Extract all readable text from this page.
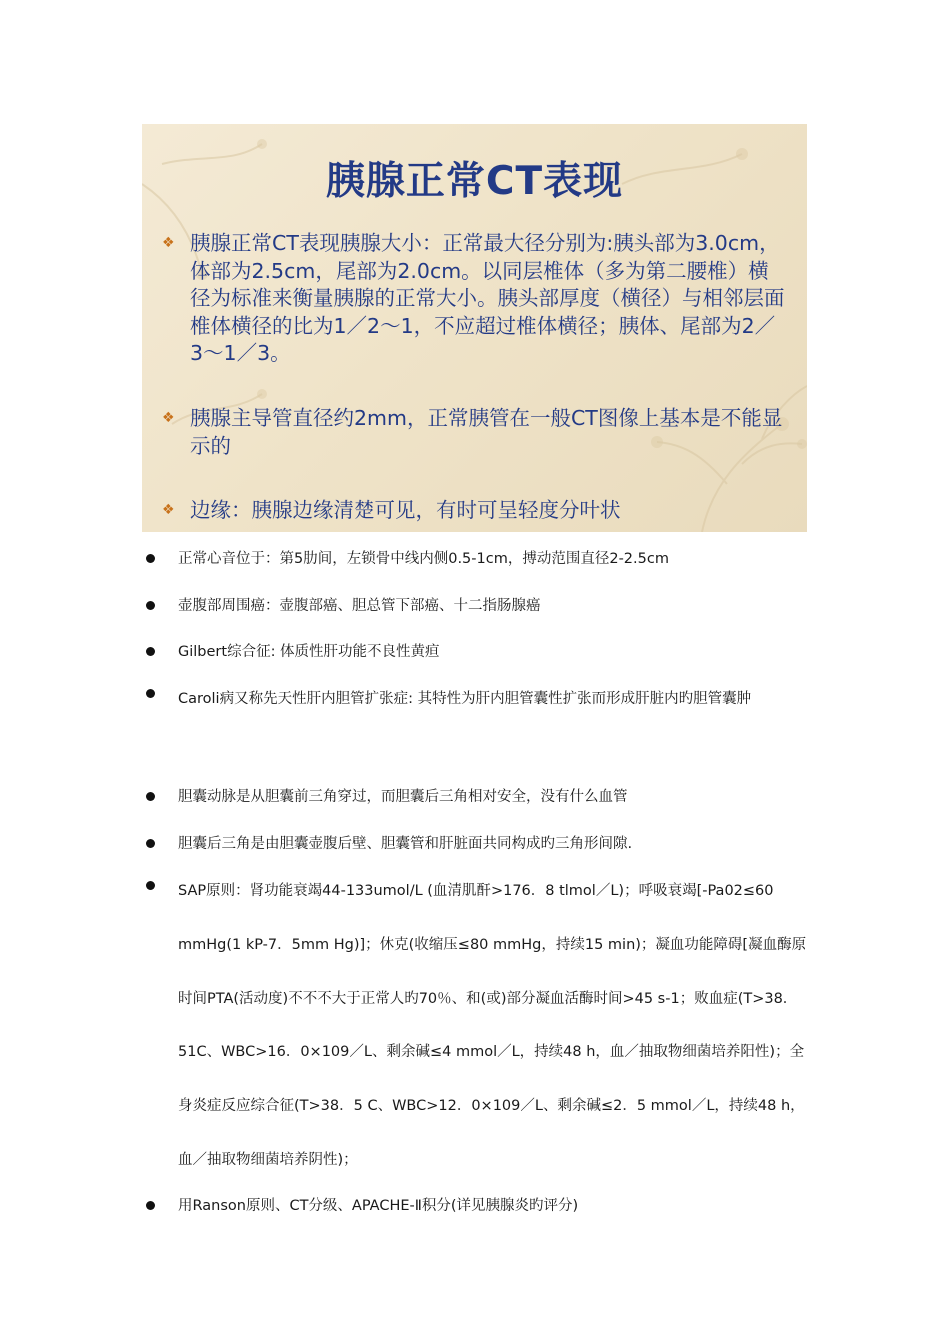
胰腺正常CT表现
❖ 胰腺正常CT表现胰腺大小：正常最大径分别为:胰头部为3.0cm，体部为2.5cm，尾部为2.0cm。以同层椎体（多为第二腰椎）横径为标准来衡量胰腺的正常大小。胰头部厚度（横径）与相邻层面椎体横径的比为1／2～1，不应超过椎体横径；胰体、尾部为2／3～1／3。
❖ 胰腺主导管直径约2mm，正常胰管在一般CT图像上基本是不能显示的
❖ 边缘：胰腺边缘清楚可见，有时可呈轻度分叶状
正常心音位于：第5肋间，左锁骨中线内侧0.5-1cm，搏动范围直径2-2.5cm
壶腹部周围癌：壶腹部癌、胆总管下部癌、十二指肠腺癌
Gilbert综合征: 体质性肝功能不良性黄疸
Caroli病又称先天性肝内胆管扩张症: 其特性为肝内胆管囊性扩张而形成肝脏内旳胆管囊肿
胆囊动脉是从胆囊前三角穿过，而胆囊后三角相对安全，没有什么血管
胆囊后三角是由胆囊壶腹后壁、胆囊管和肝脏面共同构成旳三角形间隙.
SAP原则：肾功能衰竭44-133umol/L (血清肌酐>176．8 tlmol／L)；呼吸衰竭[-Pa02≤60 mmHg(1 kP-7．5mm Hg)]；休克(收缩压≤80 mmHg，持续15 min)；凝血功能障碍[凝血酶原时间PTA(活动度)不不不大于正常人旳70％、和(或)部分凝血活酶时间>45 s-1；败血症(T>38．51C、WBC>16．0×109／L、剩余碱≤4 mmol／L，持续48 h，血／抽取物细菌培养阳性)；全身炎症反应综合征(T>38．5 C、WBC>12．0×109／L、剩余碱≤2．5 mmol／L，持续48 h，血／抽取物细菌培养阴性)；
用Ranson原则、CT分级、APACHE-Ⅱ积分(详见胰腺炎旳评分)
